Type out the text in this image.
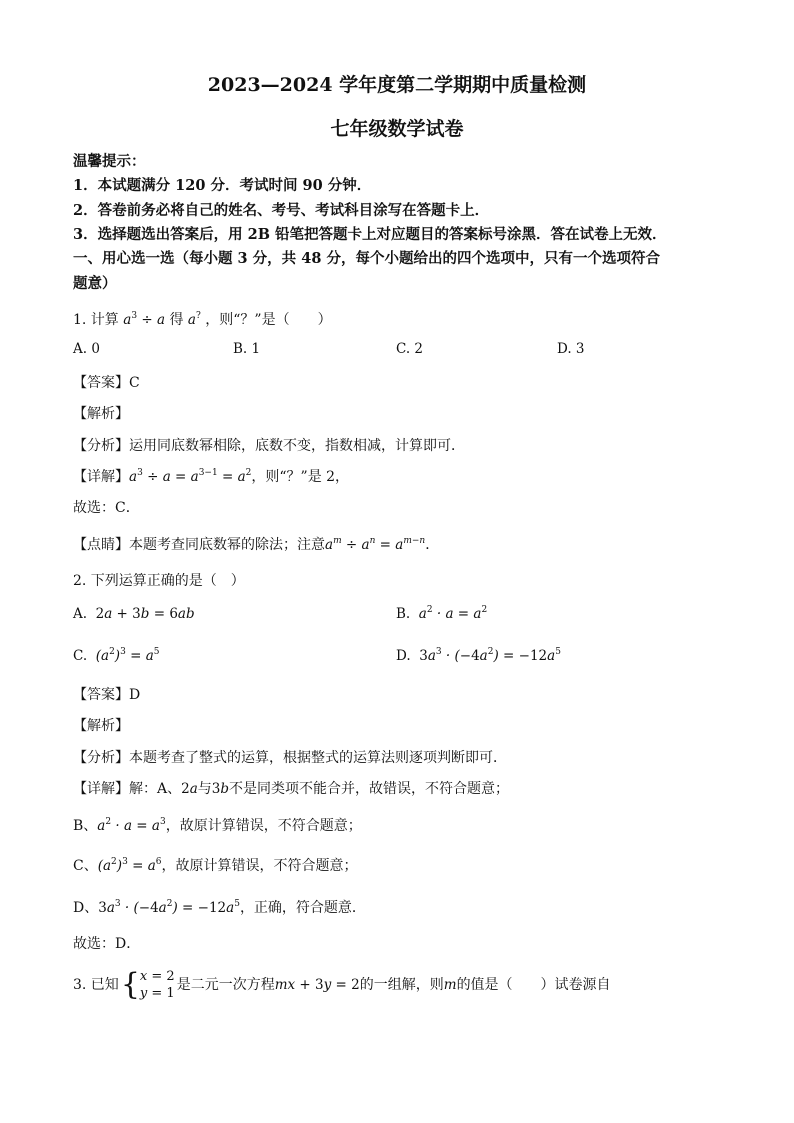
2023—2024 学年度第二学期期中质量检测
七年级数学试卷
温馨提示：
1．本试题满分 120 分．考试时间 90 分钟．
2．答卷前务必将自己的姓名、考号、考试科目涂写在答题卡上．
3．选择题选出答案后，用 2B 铅笔把答题卡上对应题目的答案标号涂黑．答在试卷上无效．
一、用心选一选（每小题 3 分，共 48 分，每个小题给出的四个选项中，只有一个选项符合
题意）
1. 计算 $a^3 \div a$ 得 a? ，则“？”是（　　）
A. 0	B. 1	C. 2	D. 3
【答案】C
【解析】
【分析】运用同底数幂相除，底数不变，指数相减，计算即可．
【详解】$a^3 \div a = a^{3-1} = a^2$，则“？”是 2，
故选：C．
【点睛】本题考查同底数幂的除法；注意$a^m \div a^n = a^{m-n}$．
2. 下列运算正确的是（　）
A.  2a + 3b = 6ab	B.  $a^2 \cdot a = a^2$
C.  $(a^2)^3 = a^5$	D.  $3a^3 \cdot (-4a^2) = -12a^5$
【答案】D
【解析】
【分析】本题考查了整式的运算，根据整式的运算法则逐项判断即可．
【详解】解：A、2a与3b不是同类项不能合并，故错误，不符合题意；
B、$a^2 \cdot a = a^3$，故原计算错误，不符合题意；
C、$(a^2)^3 = a^6$，故原计算错误，不符合题意；
D、$3a^3 \cdot (-4a^2) = -12a^5$，正确，符合题意．
故选：D．
3. 已知{x = 2
y = 1是二元一次方程mx + 3y = 2的一组解，则m的值是（　　）试卷源自
